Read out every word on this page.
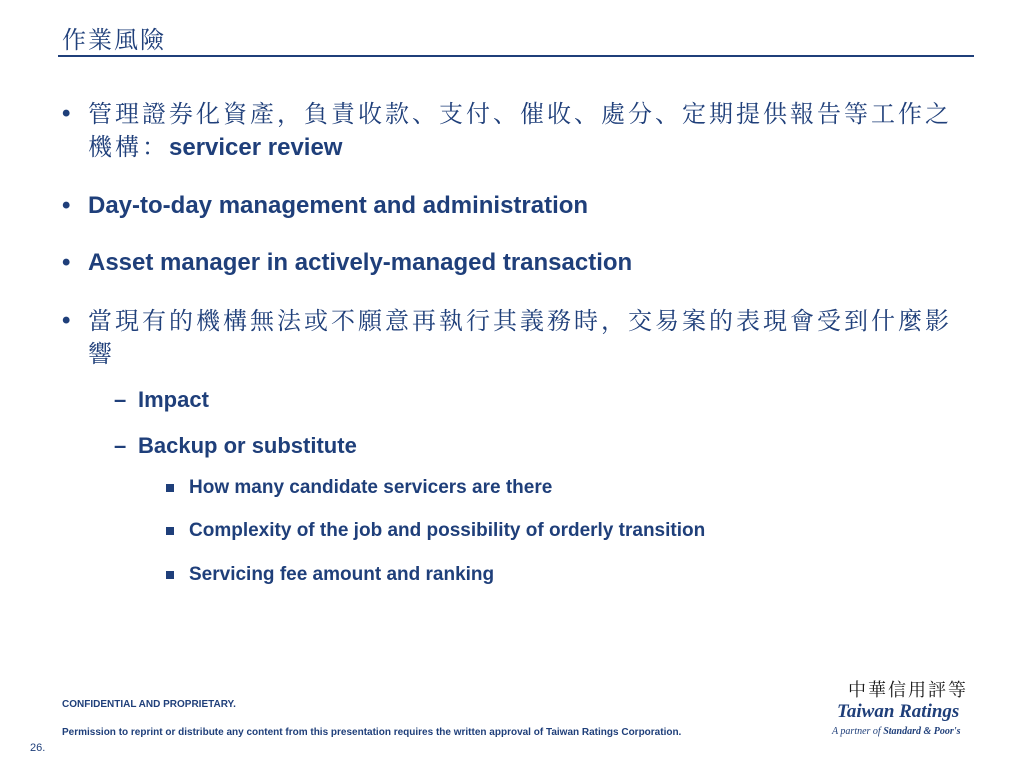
作業風險
• 管理證券化資產，負責收款、支付、催收、處分、定期提供報告等工作之機構：servicer review
• Day-to-day management and administration
• Asset manager in actively-managed transaction
• 當現有的機構無法或不願意再執行其義務時，交易案的表現會受到什麼影響
– Impact
– Backup or substitute
How many candidate servicers are there
Complexity of the job and possibility of orderly transition
Servicing fee amount and ranking
CONFIDENTIAL AND PROPRIETARY.
Permission to reprint or distribute any content from this presentation requires the written approval of Taiwan Ratings Corporation.
26.
中華信用評等
Taiwan Ratings
A partner of Standard & Poor's
